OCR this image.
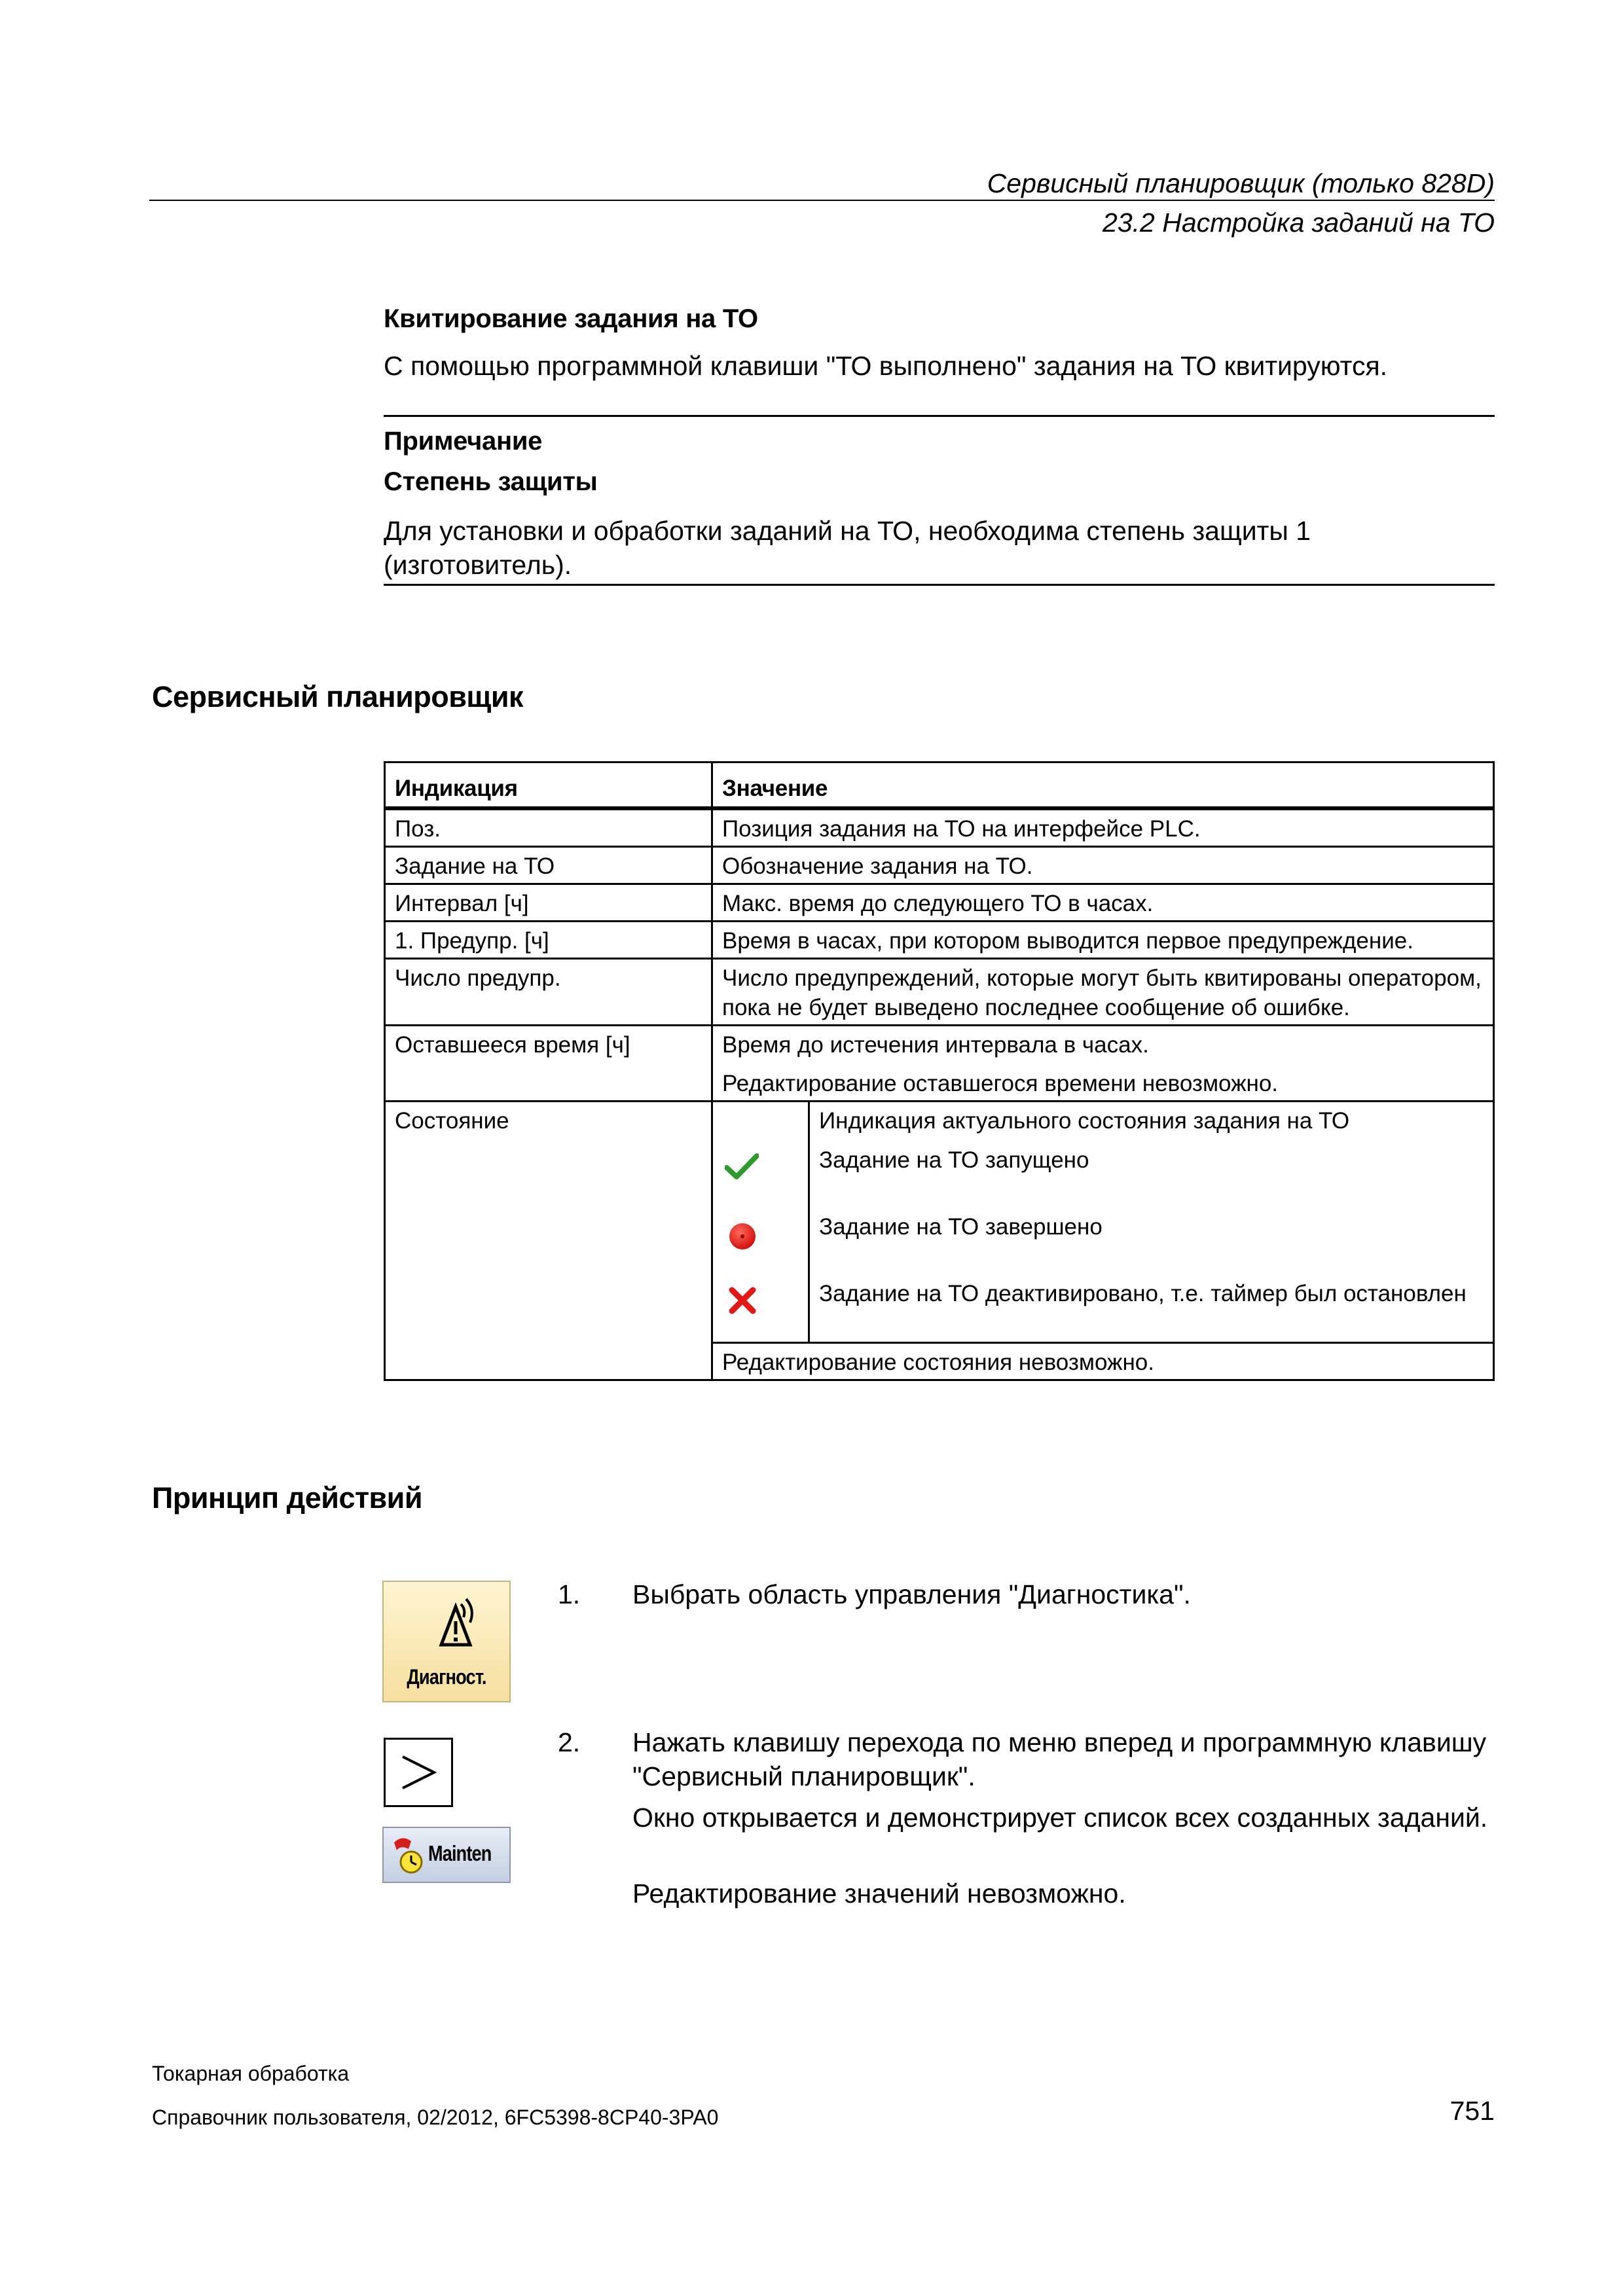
Сервисный планировщик (только 828D)
23.2 Настройка заданий на ТО
Квитирование задания на ТО
С помощью программной клавиши "ТО выполнено" задания на ТО квитируются.
Примечание
Степень защиты
Для установки и обработки заданий на ТО, необходима степень защиты 1 (изготовитель).
Сервисный планировщик
Индикация	Значение
Поз.	Позиция задания на ТО на интерфейсе PLC.
Задание на ТО	Обозначение задания на ТО.
Интервал [ч]	Макс. время до следующего ТО в часах.
1. Предупр. [ч]	Время в часах, при котором выводится первое предупреждение.
Число предупр.	Число предупреждений, которые могут быть квитированы оператором, пока не будет выведено последнее сообщение об ошибке.
Оставшееся время [ч]	Время до истечения интервала в часах.

Редактирование оставшегося времени невозможно.

Состояние	Индикация актуального состояния задания на ТО
Задание на ТО запущено
Задание на ТО завершено
Задание на ТО деактивировано, т.е. таймер был остановлен

	Редактирование состояния невозможно.
Принцип действий
Диагност.
1. Выбрать область управления "Диагностика".
Mainten
2. Нажать клавишу перехода по меню вперед и программную клавишу "Сервисный планировщик".
Окно открывается и демонстрирует список всех созданных заданий.
Редактирование значений невозможно.
Токарная обработка
Справочник пользователя, 02/2012, 6FC5398-8CP40-3PA0	751
